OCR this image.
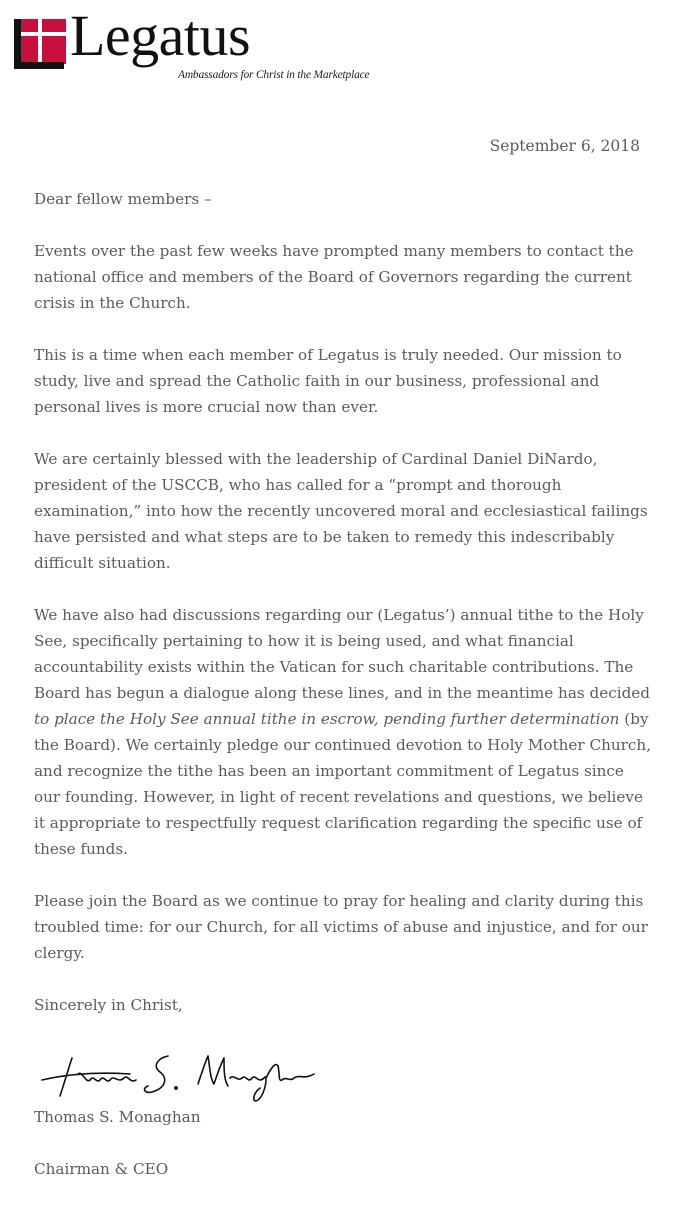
Legatus
Ambassadors for Christ in the Marketplace
September 6, 2018

Dear fellow members –

Events over the past few weeks have prompted many members to contact the national office and members of the Board of Governors regarding the current crisis in the Church.

This is a time when each member of Legatus is truly needed. Our mission to study, live and spread the Catholic faith in our business, professional and personal lives is more crucial now than ever.

We are certainly blessed with the leadership of Cardinal Daniel DiNardo, president of the USCCB, who has called for a “prompt and thorough examination,” into how the recently uncovered moral and ecclesiastical failings have persisted and what steps are to be taken to remedy this indescribably difficult situation.

We have also had discussions regarding our (Legatus’) annual tithe to the Holy See, specifically pertaining to how it is being used, and what financial accountability exists within the Vatican for such charitable contributions. The Board has begun a dialogue along these lines, and in the meantime has decided to place the Holy See annual tithe in escrow, pending further determination (by the Board). We certainly pledge our continued devotion to Holy Mother Church, and recognize the tithe has been an important commitment of Legatus since our founding. However, in light of recent revelations and questions, we believe it appropriate to respectfully request clarification regarding the specific use of these funds.

Please join the Board as we continue to pray for healing and clarity during this troubled time: for our Church, for all victims of abuse and injustice, and for our clergy.

Sincerely in Christ,

Thomas S. Monaghan

Chairman & CEO
